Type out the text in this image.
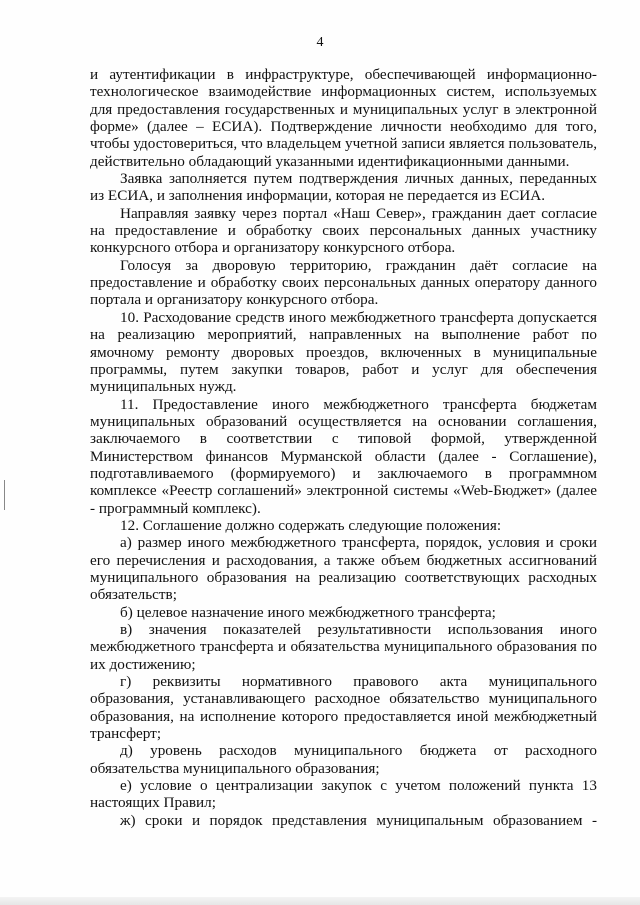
4

и аутентификации в инфраструктуре, обеспечивающей информационно-технологическое взаимодействие информационных систем, используемых для предоставления государственных и муниципальных услуг в электронной форме» (далее – ЕСИА). Подтверждение личности необходимо для того, чтобы удостовериться, что владельцем учетной записи является пользователь, действительно обладающий указанными идентификационными данными.

Заявка заполняется путем подтверждения личных данных, переданных из ЕСИА, и заполнения информации, которая не передается из ЕСИА.

Направляя заявку через портал «Наш Север», гражданин дает согласие на предоставление и обработку своих персональных данных участнику конкурсного отбора и организатору конкурсного отбора.

Голосуя за дворовую территорию, гражданин даёт согласие на предоставление и обработку своих персональных данных оператору данного портала и организатору конкурсного отбора.

10. Расходование средств иного межбюджетного трансферта допускается на реализацию мероприятий, направленных на выполнение работ по ямочному ремонту дворовых проездов, включенных в муниципальные программы, путем закупки товаров, работ и услуг для обеспечения муниципальных нужд.

11. Предоставление иного межбюджетного трансферта бюджетам муниципальных образований осуществляется на основании соглашения, заключаемого в соответствии с типовой формой, утвержденной Министерством финансов Мурманской области (далее - Соглашение), подготавливаемого (формируемого) и заключаемого в программном комплексе «Реестр соглашений» электронной системы «Web-Бюджет» (далее - программный комплекс).

12. Соглашение должно содержать следующие положения:

а) размер иного межбюджетного трансферта, порядок, условия и сроки его перечисления и расходования, а также объем бюджетных ассигнований муниципального образования на реализацию соответствующих расходных обязательств;

б) целевое назначение иного межбюджетного трансферта;

в) значения показателей результативности использования иного межбюджетного трансферта и обязательства муниципального образования по их достижению;

г) реквизиты нормативного правового акта муниципального образования, устанавливающего расходное обязательство муниципального образования, на исполнение которого предоставляется иной межбюджетный трансферт;

д) уровень расходов муниципального бюджета от расходного обязательства муниципального образования;

е) условие о централизации закупок с учетом положений пункта 13 настоящих Правил;

ж) сроки и порядок представления муниципальным образованием -
